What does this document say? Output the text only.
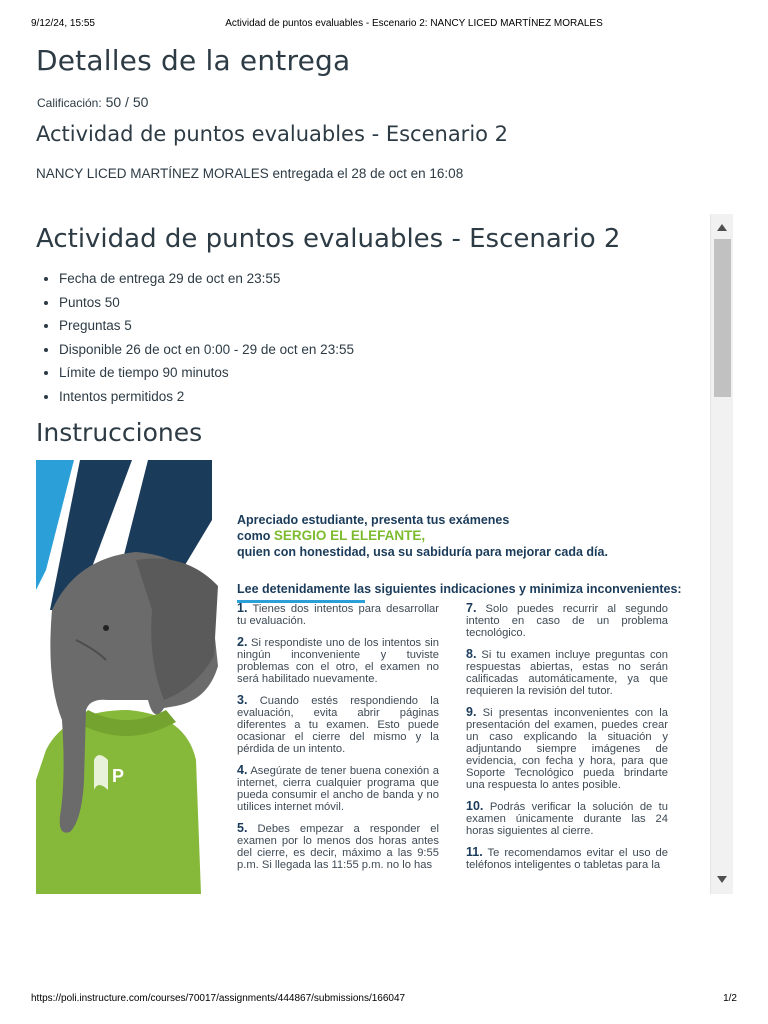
9/12/24, 15:55	Actividad de puntos evaluables - Escenario 2: NANCY LICED MARTÍNEZ MORALES
Detalles de la entrega
Calificación: 50 / 50
Actividad de puntos evaluables - Escenario 2
NANCY LICED MARTÍNEZ MORALES entregada el 28 de oct en 16:08
Actividad de puntos evaluables - Escenario 2
• Fecha de entrega 29 de oct en 23:55
• Puntos 50
• Preguntas 5
• Disponible 26 de oct en 0:00 - 29 de oct en 23:55
• Límite de tiempo 90 minutos
• Intentos permitidos 2
Instrucciones
P
Apreciado estudiante, presenta tus exámenes
como SERGIO EL ELEFANTE,
quien con honestidad, usa su sabiduría para mejorar cada día.
Lee detenidamente las siguientes indicaciones y minimiza inconvenientes:
1. Tienes dos intentos para desarrollar tu evaluación.
2. Si respondiste uno de los intentos sin ningún inconveniente y tuviste problemas con el otro, el examen no será habilitado nuevamente.
3. Cuando estés respondiendo la evaluación, evita abrir páginas diferentes a tu examen. Esto puede ocasionar el cierre del mismo y la pérdida de un intento.
4. Asegúrate de tener buena conexión a internet, cierra cualquier programa que pueda consumir el ancho de banda y no utilices internet móvil.
5. Debes empezar a responder el examen por lo menos dos horas antes del cierre, es decir, máximo a las 9:55 p.m. Si llegada las 11:55 p.m. no lo has
7. Solo puedes recurrir al segundo intento en caso de un problema tecnológico.
8. Si tu examen incluye preguntas con respuestas abiertas, estas no serán calificadas automáticamente, ya que requieren la revisión del tutor.
9. Si presentas inconvenientes con la presentación del examen, puedes crear un caso explicando la situación y adjuntando siempre imágenes de evidencia, con fecha y hora, para que Soporte Tecnológico pueda brindarte una respuesta lo antes posible.
10. Podrás verificar la solución de tu examen únicamente durante las 24 horas siguientes al cierre.
11. Te recomendamos evitar el uso de teléfonos inteligentes o tabletas para la
https://poli.instructure.com/courses/70017/assignments/444867/submissions/166047	1/2
